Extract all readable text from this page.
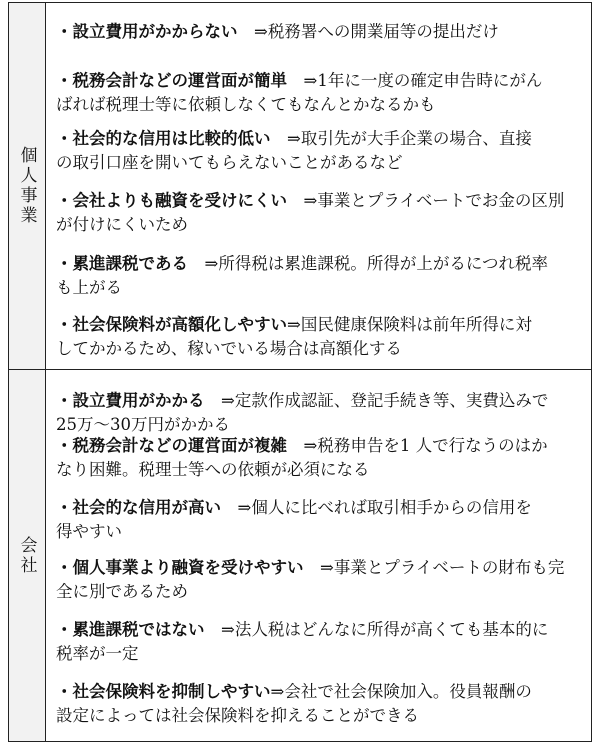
個人事業

・設立費用がかからない　⇒税務署への開業届等の提出だけ

・税務会計などの運営面が簡単　⇒1年に一度の確定申告時にがん

ばれば税理士等に依頼しなくてもなんとかなるかも

・社会的な信用は比較的低い　⇒取引先が大手企業の場合、直接

の取引口座を開いてもらえないことがあるなど

・会社よりも融資を受けにくい　⇒事業とプライベートでお金の区別

が付けにくいため

・累進課税である　⇒所得税は累進課税。所得が上がるにつれ税率

も上がる

・社会保険料が高額化しやすい⇒国民健康保険料は前年所得に対

してかかるため、稼いでいる場合は高額化する

会社

・設立費用がかかる　⇒定款作成認証、登記手続き等、実費込みで

25万～30万円がかかる

・税務会計などの運営面が複雑　⇒税務申告を1 人で行なうのはか

なり困難。税理士等への依頼が必須になる

・社会的な信用が高い　⇒個人に比べれば取引相手からの信用を

得やすい

・個人事業より融資を受けやすい　⇒事業とプライベートの財布も完

全に別であるため

・累進課税ではない　⇒法人税はどんなに所得が高くても基本的に

税率が一定

・社会保険料を抑制しやすい⇒会社で社会保険加入。役員報酬の

設定によっては社会保険料を抑えることができる
